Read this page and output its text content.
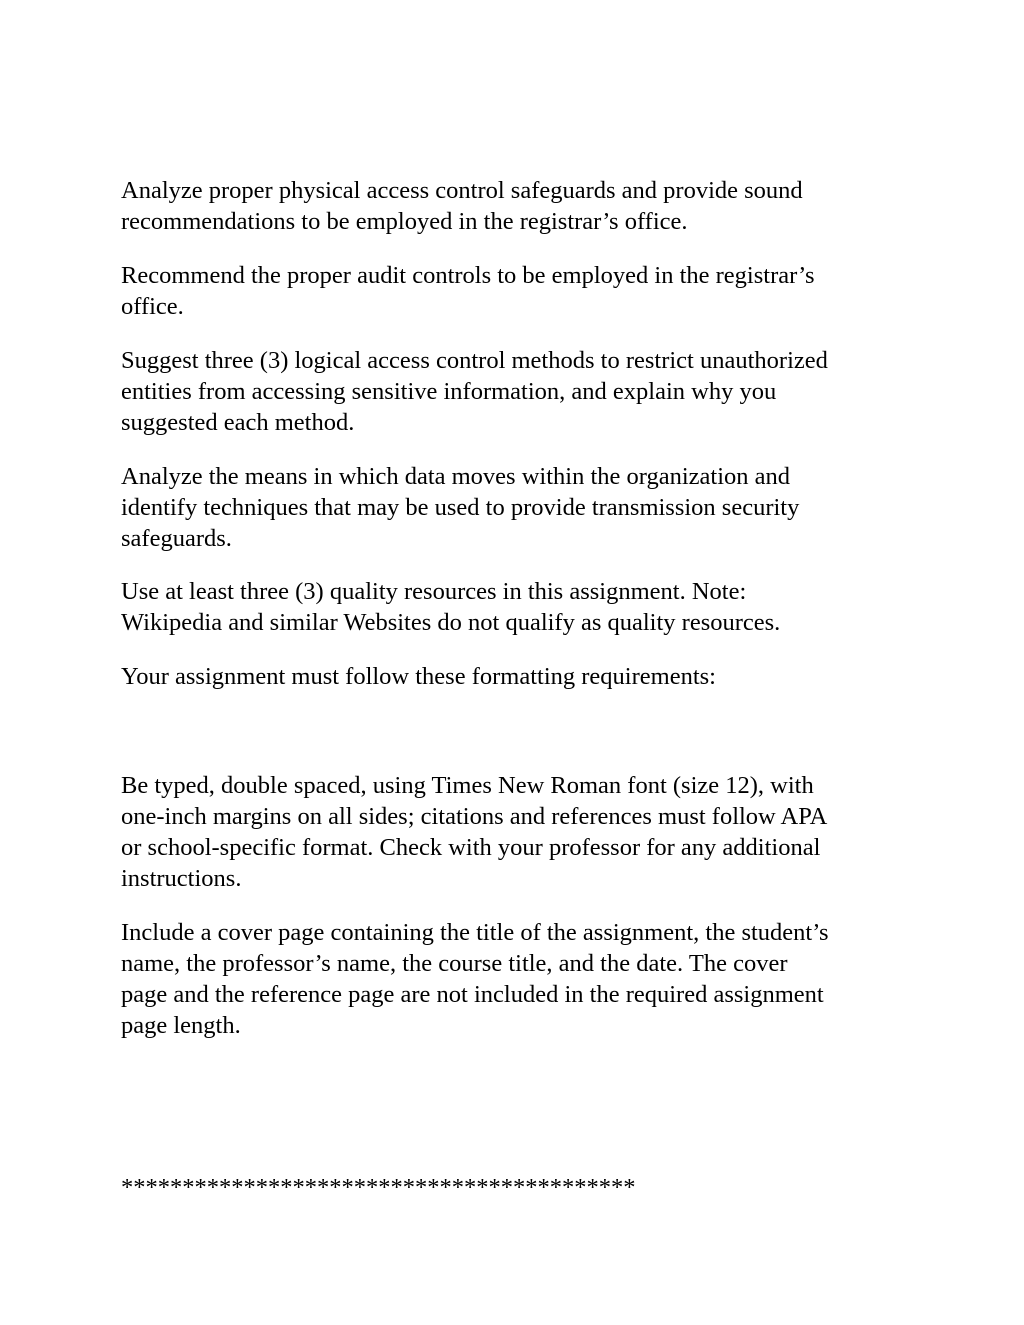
Analyze proper physical access control safeguards and provide sound
recommendations to be employed in the registrar’s office.

Recommend the proper audit controls to be employed in the registrar’s
office.

Suggest three (3) logical access control methods to restrict unauthorized
entities from accessing sensitive information, and explain why you
suggested each method.

Analyze the means in which data moves within the organization and
identify techniques that may be used to provide transmission security
safeguards.

Use at least three (3) quality resources in this assignment. Note:
Wikipedia and similar Websites do not qualify as quality resources.

Your assignment must follow these formatting requirements:

Be typed, double spaced, using Times New Roman font (size 12), with
one-inch margins on all sides; citations and references must follow APA
or school-specific format. Check with your professor for any additional
instructions.

Include a cover page containing the title of the assignment, the student’s
name, the professor’s name, the course title, and the date. The cover
page and the reference page are not included in the required assignment
page length.

******************************************
